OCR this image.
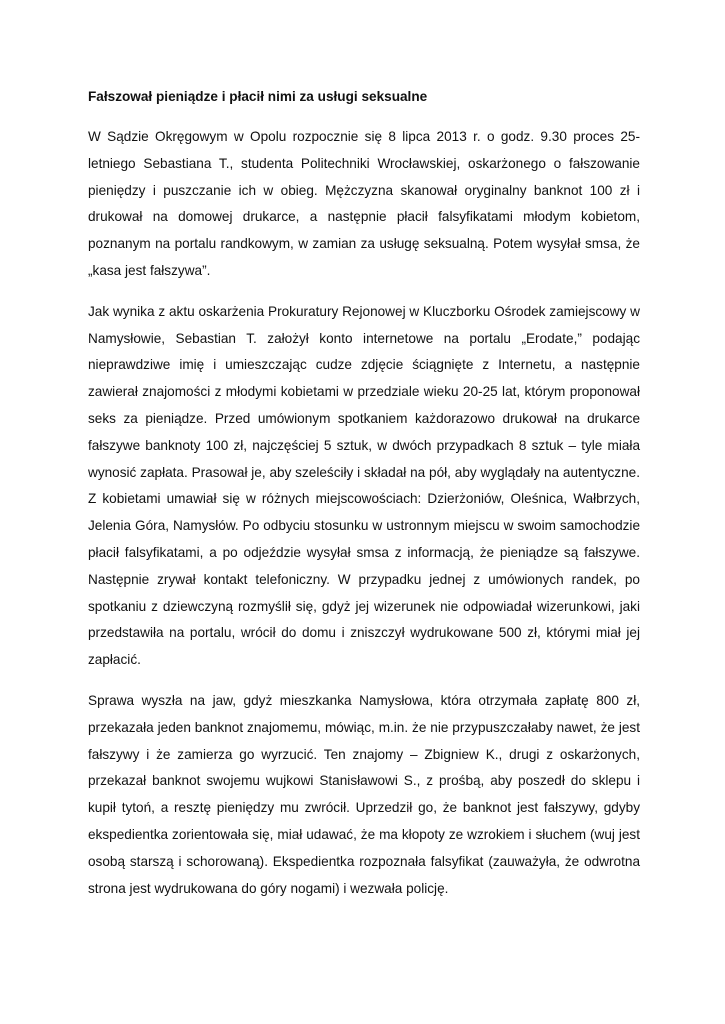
Fałszował pieniądze i płacił nimi za usługi seksualne

W Sądzie Okręgowym w Opolu rozpocznie się 8 lipca 2013 r. o godz. 9.30 proces 25-letniego Sebastiana T., studenta Politechniki Wrocławskiej, oskarżonego o fałszowanie pieniędzy i puszczanie ich w obieg. Mężczyzna skanował oryginalny banknot 100 zł i drukował na domowej drukarce, a następnie płacił falsyfikatami młodym kobietom, poznanym na portalu randkowym, w zamian za usługę seksualną. Potem wysyłał smsa, że „kasa jest fałszywa”.

Jak wynika z aktu oskarżenia Prokuratury Rejonowej w Kluczborku Ośrodek zamiejscowy w Namysłowie, Sebastian T. założył konto internetowe na portalu „Erodate,” podając nieprawdziwe imię i umieszczając cudze zdjęcie ściągnięte z Internetu, a następnie zawierał znajomości z młodymi kobietami w przedziale wieku 20-25 lat, którym proponował seks za pieniądze. Przed umówionym spotkaniem każdorazowo drukował na drukarce fałszywe banknoty 100 zł, najczęściej 5 sztuk, w dwóch przypadkach 8 sztuk – tyle miała wynosić zapłata. Prasował je, aby szeleściły i składał na pół, aby wyglądały na autentyczne. Z kobietami umawiał się w różnych miejscowościach: Dzierżoniów, Oleśnica, Wałbrzych, Jelenia Góra, Namysłów. Po odbyciu stosunku w ustronnym miejscu w swoim samochodzie płacił falsyfikatami, a po odjeździe wysyłał smsa z informacją, że pieniądze są fałszywe. Następnie zrywał kontakt telefoniczny. W przypadku jednej z umówionych randek, po spotkaniu z dziewczyną rozmyślił się, gdyż jej wizerunek nie odpowiadał wizerunkowi, jaki przedstawiła na portalu, wrócił do domu i zniszczył wydrukowane 500 zł, którymi miał jej zapłacić.

Sprawa wyszła na jaw, gdyż mieszkanka Namysłowa, która otrzymała zapłatę 800 zł, przekazała jeden banknot znajomemu, mówiąc, m.in. że nie przypuszczałaby nawet, że jest fałszywy i że zamierza go wyrzucić. Ten znajomy – Zbigniew K., drugi z oskarżonych, przekazał banknot swojemu wujkowi Stanisławowi S., z prośbą, aby poszedł do sklepu i kupił tytoń, a resztę pieniędzy mu zwrócił. Uprzedził go, że banknot jest fałszywy, gdyby ekspedientka zorientowała się, miał udawać, że ma kłopoty ze wzrokiem i słuchem (wuj jest osobą starszą i schorowaną). Ekspedientka rozpoznała falsyfikat (zauważyła, że odwrotna strona jest wydrukowana do góry nogami) i wezwała policję.
